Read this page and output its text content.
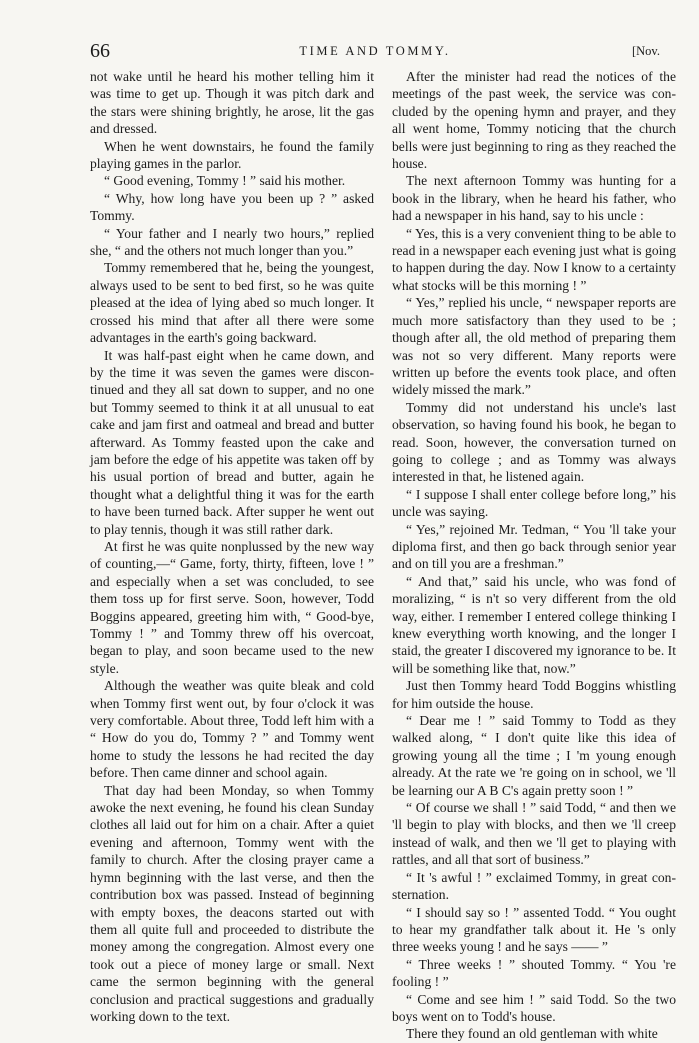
66	TIME AND TOMMY.	[Nov.

not wake until he heard his mother telling him it was time to get up. Though it was pitch dark and the stars were shining brightly, he arose, lit the gas and dressed.

When he went downstairs, he found the family playing games in the parlor.

“ Good evening, Tommy ! ” said his mother.

“ Why, how long have you been up ? ” asked Tommy.

“ Your father and I nearly two hours,” replied she, “ and the others not much longer than you.”

Tommy remembered that he, being the youngest, always used to be sent to bed first, so he was quite pleased at the idea of lying abed so much longer. It crossed his mind that after all there were some advantages in the earth's going backward.

It was half-past eight when he came down, and by the time it was seven the games were discontinued and they all sat down to supper, and no one but Tommy seemed to think it at all unusual to eat cake and jam first and oatmeal and bread and butter afterward. As Tommy feasted upon the cake and jam before the edge of his appetite was taken off by his usual portion of bread and butter, again he thought what a delightful thing it was for the earth to have been turned back. After supper he went out to play tennis, though it was still rather dark.

At first he was quite nonplussed by the new way of counting,—“ Game, forty, thirty, fifteen, love ! ” and especially when a set was concluded, to see them toss up for first serve. Soon, however, Todd Boggins appeared, greeting him with, “ Good-bye, Tommy ! ” and Tommy threw off his overcoat, began to play, and soon became used to the new style.

Although the weather was quite bleak and cold when Tommy first went out, by four o'clock it was very comfortable. About three, Todd left him with a “ How do you do, Tommy ? ” and Tommy went home to study the lessons he had recited the day before. Then came dinner and school again.

That day had been Monday, so when Tommy awoke the next evening, he found his clean Sunday clothes all laid out for him on a chair. After a quiet evening and afternoon, Tommy went with the family to church. After the closing prayer came a hymn beginning with the last verse, and then the contribution box was passed. Instead of beginning with empty boxes, the deacons started out with them all quite full and proceeded to distribute the money among the congregation. Almost every one took out a piece of money large or small. Next came the sermon beginning with the general conclusion and practical suggestions and gradually working down to the text.

After the minister had read the notices of the meetings of the past week, the service was concluded by the opening hymn and prayer, and they all went home, Tommy noticing that the church bells were just beginning to ring as they reached the house.

The next afternoon Tommy was hunting for a book in the library, when he heard his father, who had a newspaper in his hand, say to his uncle :

“ Yes, this is a very convenient thing to be able to read in a newspaper each evening just what is going to happen during the day. Now I know to a certainty what stocks will be this morning ! ”

“ Yes,” replied his uncle, “ newspaper reports are much more satisfactory than they used to be ; though after all, the old method of preparing them was not so very different. Many reports were written up before the events took place, and often widely missed the mark.”

Tommy did not understand his uncle's last observation, so having found his book, he began to read. Soon, however, the conversation turned on going to college ; and as Tommy was always interested in that, he listened again.

“ I suppose I shall enter college before long,” his uncle was saying.

“ Yes,” rejoined Mr. Tedman, “ You 'll take your diploma first, and then go back through senior year and on till you are a freshman.”

“ And that,” said his uncle, who was fond of moralizing, “ is n't so very different from the old way, either. I remember I entered college thinking I knew everything worth knowing, and the longer I staid, the greater I discovered my ignorance to be. It will be something like that, now.”

Just then Tommy heard Todd Boggins whistling for him outside the house.

“ Dear me ! ” said Tommy to Todd as they walked along, “ I don't quite like this idea of growing young all the time ; I 'm young enough already. At the rate we 're going on in school, we 'll be learning our A B C's again pretty soon ! ”

“ Of course we shall ! ” said Todd, “ and then we 'll begin to play with blocks, and then we 'll creep instead of walk, and then we 'll get to playing with rattles, and all that sort of business.”

“ It 's awful ! ” exclaimed Tommy, in great consternation.

“ I should say so ! ” assented Todd. “ You ought to hear my grandfather talk about it. He 's only three weeks young ! and he says —— ”

“ Three weeks ! ” shouted Tommy. “ You 're fooling ! ”

“ Come and see him ! ” said Todd. So the two boys went on to Todd's house.

There they found an old gentleman with white
